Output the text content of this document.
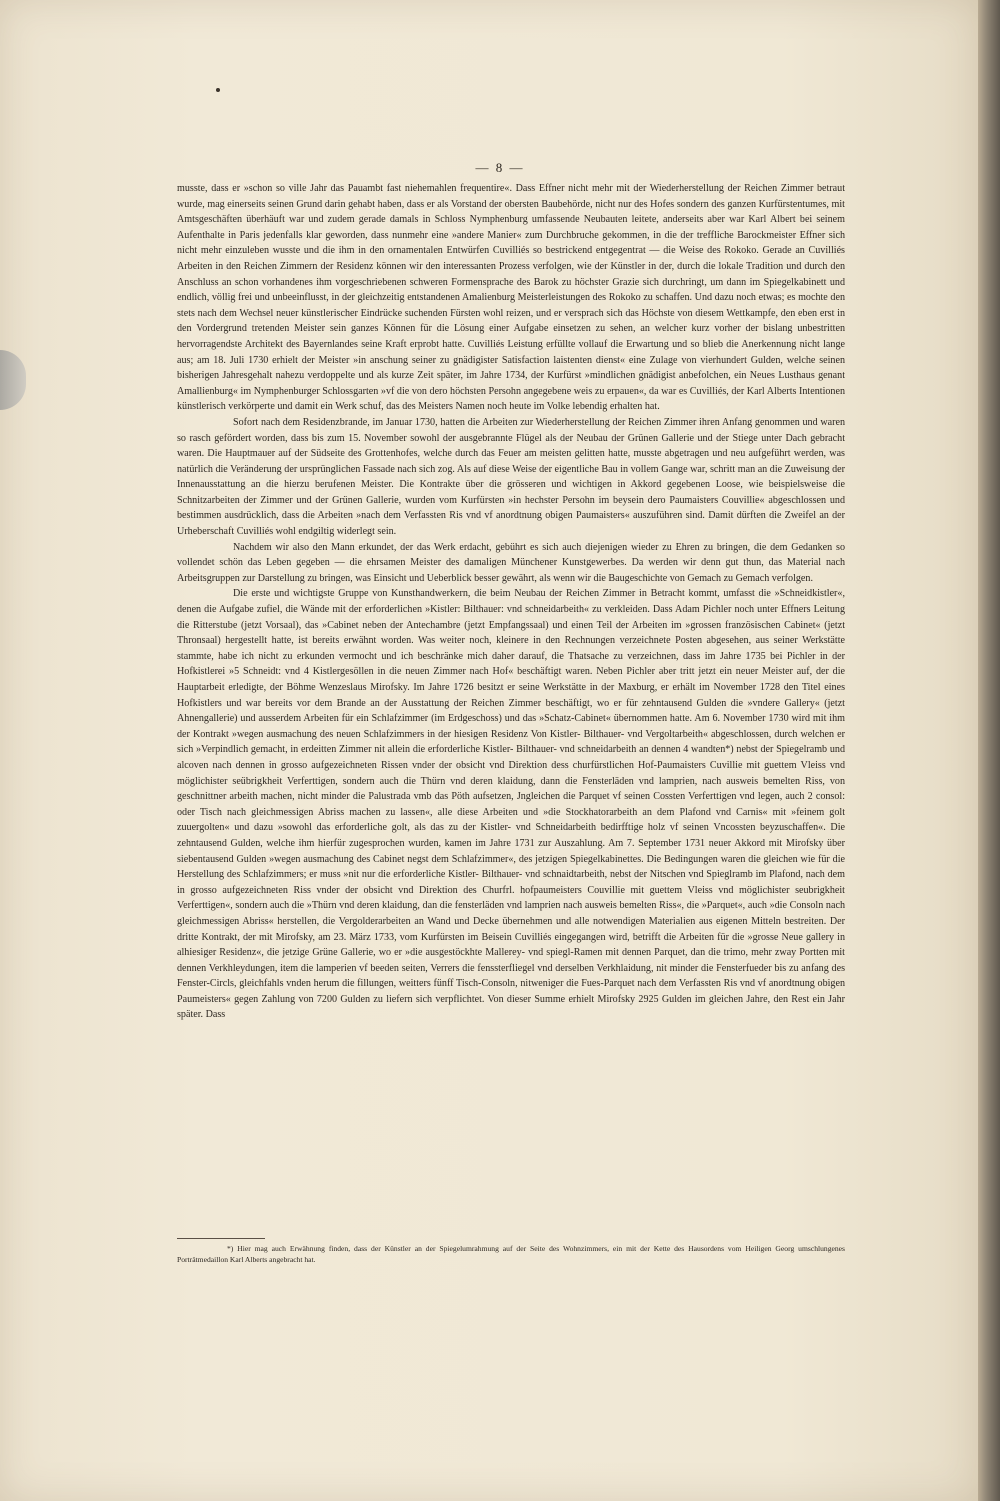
— 8 —

musste, dass er »schon so ville Jahr das Pauambt fast niehemahlen frequentire«. Dass Effner nicht mehr mit der Wiederherstellung der Reichen Zimmer betraut wurde, mag einerseits seinen Grund darin gehabt haben, dass er als Vorstand der obersten Baubehörde, nicht nur des Hofes sondern des ganzen Kurfürstentumes, mit Amtsgeschäften überhäuft war und zudem gerade damals in Schloss Nymphenburg umfassende Neubauten leitete, anderseits aber war Karl Albert bei seinem Aufenthalte in Paris jedenfalls klar geworden, dass nunmehr eine »andere Manier« zum Durchbruche gekommen, in die der treffliche Barockmeister Effner sich nicht mehr einzuleben wusste und die ihm in den ornamentalen Entwürfen Cuvilliés so bestrickend entgegentrat — die Weise des Rokoko. Gerade an Cuvilliés Arbeiten in den Reichen Zimmern der Residenz können wir den interessanten Prozess verfolgen, wie der Künstler in der, durch die lokale Tradition und durch den Anschluss an schon vorhandenes ihm vorgeschriebenen schweren Formensprache des Barok zu höchster Grazie sich durchringt, um dann im Spiegelkabinett und endlich, völlig frei und unbeeinflusst, in der gleichzeitig entstandenen Amalienburg Meisterleistungen des Rokoko zu schaffen. Und dazu noch etwas; es mochte den stets nach dem Wechsel neuer künstlerischer Eindrücke suchenden Fürsten wohl reizen, und er versprach sich das Höchste von diesem Wettkampfe, den eben erst in den Vordergrund tretenden Meister sein ganzes Können für die Lösung einer Aufgabe einsetzen zu sehen, an welcher kurz vorher der bislang unbestritten hervorragendste Architekt des Bayernlandes seine Kraft erprobt hatte. Cuvilliés Leistung erfüllte vollauf die Erwartung und so blieb die Anerkennung nicht lange aus; am 18. Juli 1730 erhielt der Meister »in anschung seiner zu gnädigister Satisfaction laistenten dienst« eine Zulage von vierhundert Gulden, welche seinen bisherigen Jahresgehalt nahezu verdoppelte und als kurze Zeit später, im Jahre 1734, der Kurfürst »mindlichen gnädigist anbefolchen, ein Neues Lusthaus genant Amallienburg« im Nymphenburger Schlossgarten »vf die von dero höchsten Persohn angegebene weis zu erpauen«, da war es Cuvilliés, der Karl Alberts Intentionen künstlerisch verkörperte und damit ein Werk schuf, das des Meisters Namen noch heute im Volke lebendig erhalten hat.

Sofort nach dem Residenzbrande, im Januar 1730, hatten die Arbeiten zur Wiederherstellung der Reichen Zimmer ihren Anfang genommen und waren so rasch gefördert worden, dass bis zum 15. November sowohl der ausgebrannte Flügel als der Neubau der Grünen Gallerie und der Stiege unter Dach gebracht waren. Die Hauptmauer auf der Südseite des Grottenhofes, welche durch das Feuer am meisten gelitten hatte, musste abgetragen und neu aufgeführt werden, was natürlich die Veränderung der ursprünglichen Fassade nach sich zog. Als auf diese Weise der eigentliche Bau in vollem Gange war, schritt man an die Zuweisung der Innenausstattung an die hierzu berufenen Meister. Die Kontrakte über die grösseren und wichtigen in Akkord gegebenen Loose, wie beispielsweise die Schnitzarbeiten der Zimmer und der Grünen Gallerie, wurden vom Kurfürsten »in hechster Persohn im beysein dero Paumaisters Couvillie« abgeschlossen und bestimmen ausdrücklich, dass die Arbeiten »nach dem Verfassten Ris vnd vf anordtnung obigen Paumaisters« auszuführen sind. Damit dürften die Zweifel an der Urheberschaft Cuvilliés wohl endgiltig widerlegt sein.

Nachdem wir also den Mann erkundet, der das Werk erdacht, gebührt es sich auch diejenigen wieder zu Ehren zu bringen, die dem Gedanken so vollendet schön das Leben gegeben — die ehrsamen Meister des damaligen Münchener Kunstgewerbes. Da werden wir denn gut thun, das Material nach Arbeitsgruppen zur Darstellung zu bringen, was Einsicht und Ueberblick besser gewährt, als wenn wir die Baugeschichte von Gemach zu Gemach verfolgen.

Die erste und wichtigste Gruppe von Kunsthandwerkern, die beim Neubau der Reichen Zimmer in Betracht kommt, umfasst die »Schneidkistler«, denen die Aufgabe zufiel, die Wände mit der erforderlichen »Kistler: Bilthauer: vnd schneidarbeith« zu verkleiden. Dass Adam Pichler noch unter Effners Leitung die Ritterstube (jetzt Vorsaal), das »Cabinet neben der Antechambre (jetzt Empfangssaal) und einen Teil der Arbeiten im »grossen französischen Cabinet« (jetzt Thronsaal) hergestellt hatte, ist bereits erwähnt worden. Was weiter noch, kleinere in den Rechnungen verzeichnete Posten abgesehen, aus seiner Werkstätte stammte, habe ich nicht zu erkunden vermocht und ich beschränke mich daher darauf, die Thatsache zu verzeichnen, dass im Jahre 1735 bei Pichler in der Hofkistlerei »5 Schneidt: vnd 4 Kistlergesöllen in die neuen Zimmer nach Hof« beschäftigt waren. Neben Pichler aber tritt jetzt ein neuer Meister auf, der die Hauptarbeit erledigte, der Böhme Wenzeslaus Mirofsky. Im Jahre 1726 besitzt er seine Werkstätte in der Maxburg, er erhält im November 1728 den Titel eines Hofkistlers und war bereits vor dem Brande an der Ausstattung der Reichen Zimmer beschäftigt, wo er für zehntausend Gulden die »vndere Gallery« (jetzt Ahnengallerie) und ausserdem Arbeiten für ein Schlafzimmer (im Erdgeschoss) und das »Schatz-Cabinet« übernommen hatte. Am 6. November 1730 wird mit ihm der Kontrakt »wegen ausmachung des neuen Schlafzimmers in der hiesigen Residenz Von Kistler- Bilthauer- vnd Vergoltarbeith« abgeschlossen, durch welchen er sich »Verpindlich gemacht, in erdeitten Zimmer nit allein die erforderliche Kistler- Bilthauer- vnd schneidarbeith an dennen 4 wandten*) nebst der Spiegelramb und alcoven nach dennen in grosso aufgezeichneten Rissen vnder der obsicht vnd Direktion dess churfürstlichen Hof-Paumaisters Cuvillie mit guettem Vleiss vnd möglichister seübrigkheit Verferttigen, sondern auch die Thürn vnd deren klaidung, dann die Fensterläden vnd lamprien, nach ausweis bemelten Riss, von geschnittner arbeith machen, nicht minder die Palustrada vmb das Pöth aufsetzen, Jngleichen die Parquet vf seinen Cossten Verferttigen vnd legen, auch 2 consol: oder Tisch nach gleichmessigen Abriss machen zu lassen«, alle diese Arbeiten und »die Stockhatorarbeith an dem Plafond vnd Carnis« mit »feinem golt zuuergolten« und dazu »sowohl das erforderliche golt, als das zu der Kistler- vnd Schneidarbeith bedirfftige holz vf seinen Vncossten beyzuschaffen«. Die zehntausend Gulden, welche ihm hierfür zugesprochen wurden, kamen im Jahre 1731 zur Auszahlung. Am 7. September 1731 neuer Akkord mit Mirofsky über siebentausend Gulden »wegen ausmachung des Cabinet negst dem Schlafzimmer«, des jetzigen Spiegelkabinettes. Die Bedingungen waren die gleichen wie für die Herstellung des Schlafzimmers; er muss »nit nur die erforderliche Kistler- Bilthauer- vnd schnaidtarbeith, nebst der Nitschen vnd Spieglramb im Plafond, nach dem in grosso aufgezeichneten Riss vnder der obsicht vnd Direktion des Churfrl. hofpaumeisters Couvillie mit guettem Vleiss vnd möglichister seubrigkheit Verferttigen«, sondern auch die »Thürn vnd deren klaidung, dan die fensterläden vnd lamprien nach ausweis bemelten Riss«, die »Parquet«, auch »die Consoln nach gleichmessigen Abriss« herstellen, die Vergolderarbeiten an Wand und Decke übernehmen und alle notwendigen Materialien aus eigenen Mitteln bestreiten. Der dritte Kontrakt, der mit Mirofsky, am 23. März 1733, vom Kurfürsten im Beisein Cuvilliés eingegangen wird, betrifft die Arbeiten für die »grosse Neue gallery in alhiesiger Residenz«, die jetzige Grüne Gallerie, wo er »die ausgestöckhte Mallerey- vnd spiegl-Ramen mit dennen Parquet, dan die trimo, mehr zway Portten mit dennen Verkhleydungen, item die lamperien vf beeden seiten, Verrers die fenssterfliegel vnd derselben Verkhlaidung, nit minder die Fensterfueder bis zu anfang des Fenster-Circls, gleichfahls vnden herum die fillungen, weitters fünff Tisch-Consoln, nitweniger die Fues-Parquet nach dem Verfassten Ris vnd vf anordtnung obigen Paumeisters« gegen Zahlung von 7200 Gulden zu liefern sich verpflichtet. Von dieser Summe erhielt Mirofsky 2925 Gulden im gleichen Jahre, den Rest ein Jahr später. Dass

*) Hier mag auch Erwähnung finden, dass der Künstler an der Spiegelumrahmung auf der Seite des Wohnzimmers, ein mit der Kette des Hausordens vom Heiligen Georg umschlungenes Porträtmedaillon Karl Alberts angebracht hat.
